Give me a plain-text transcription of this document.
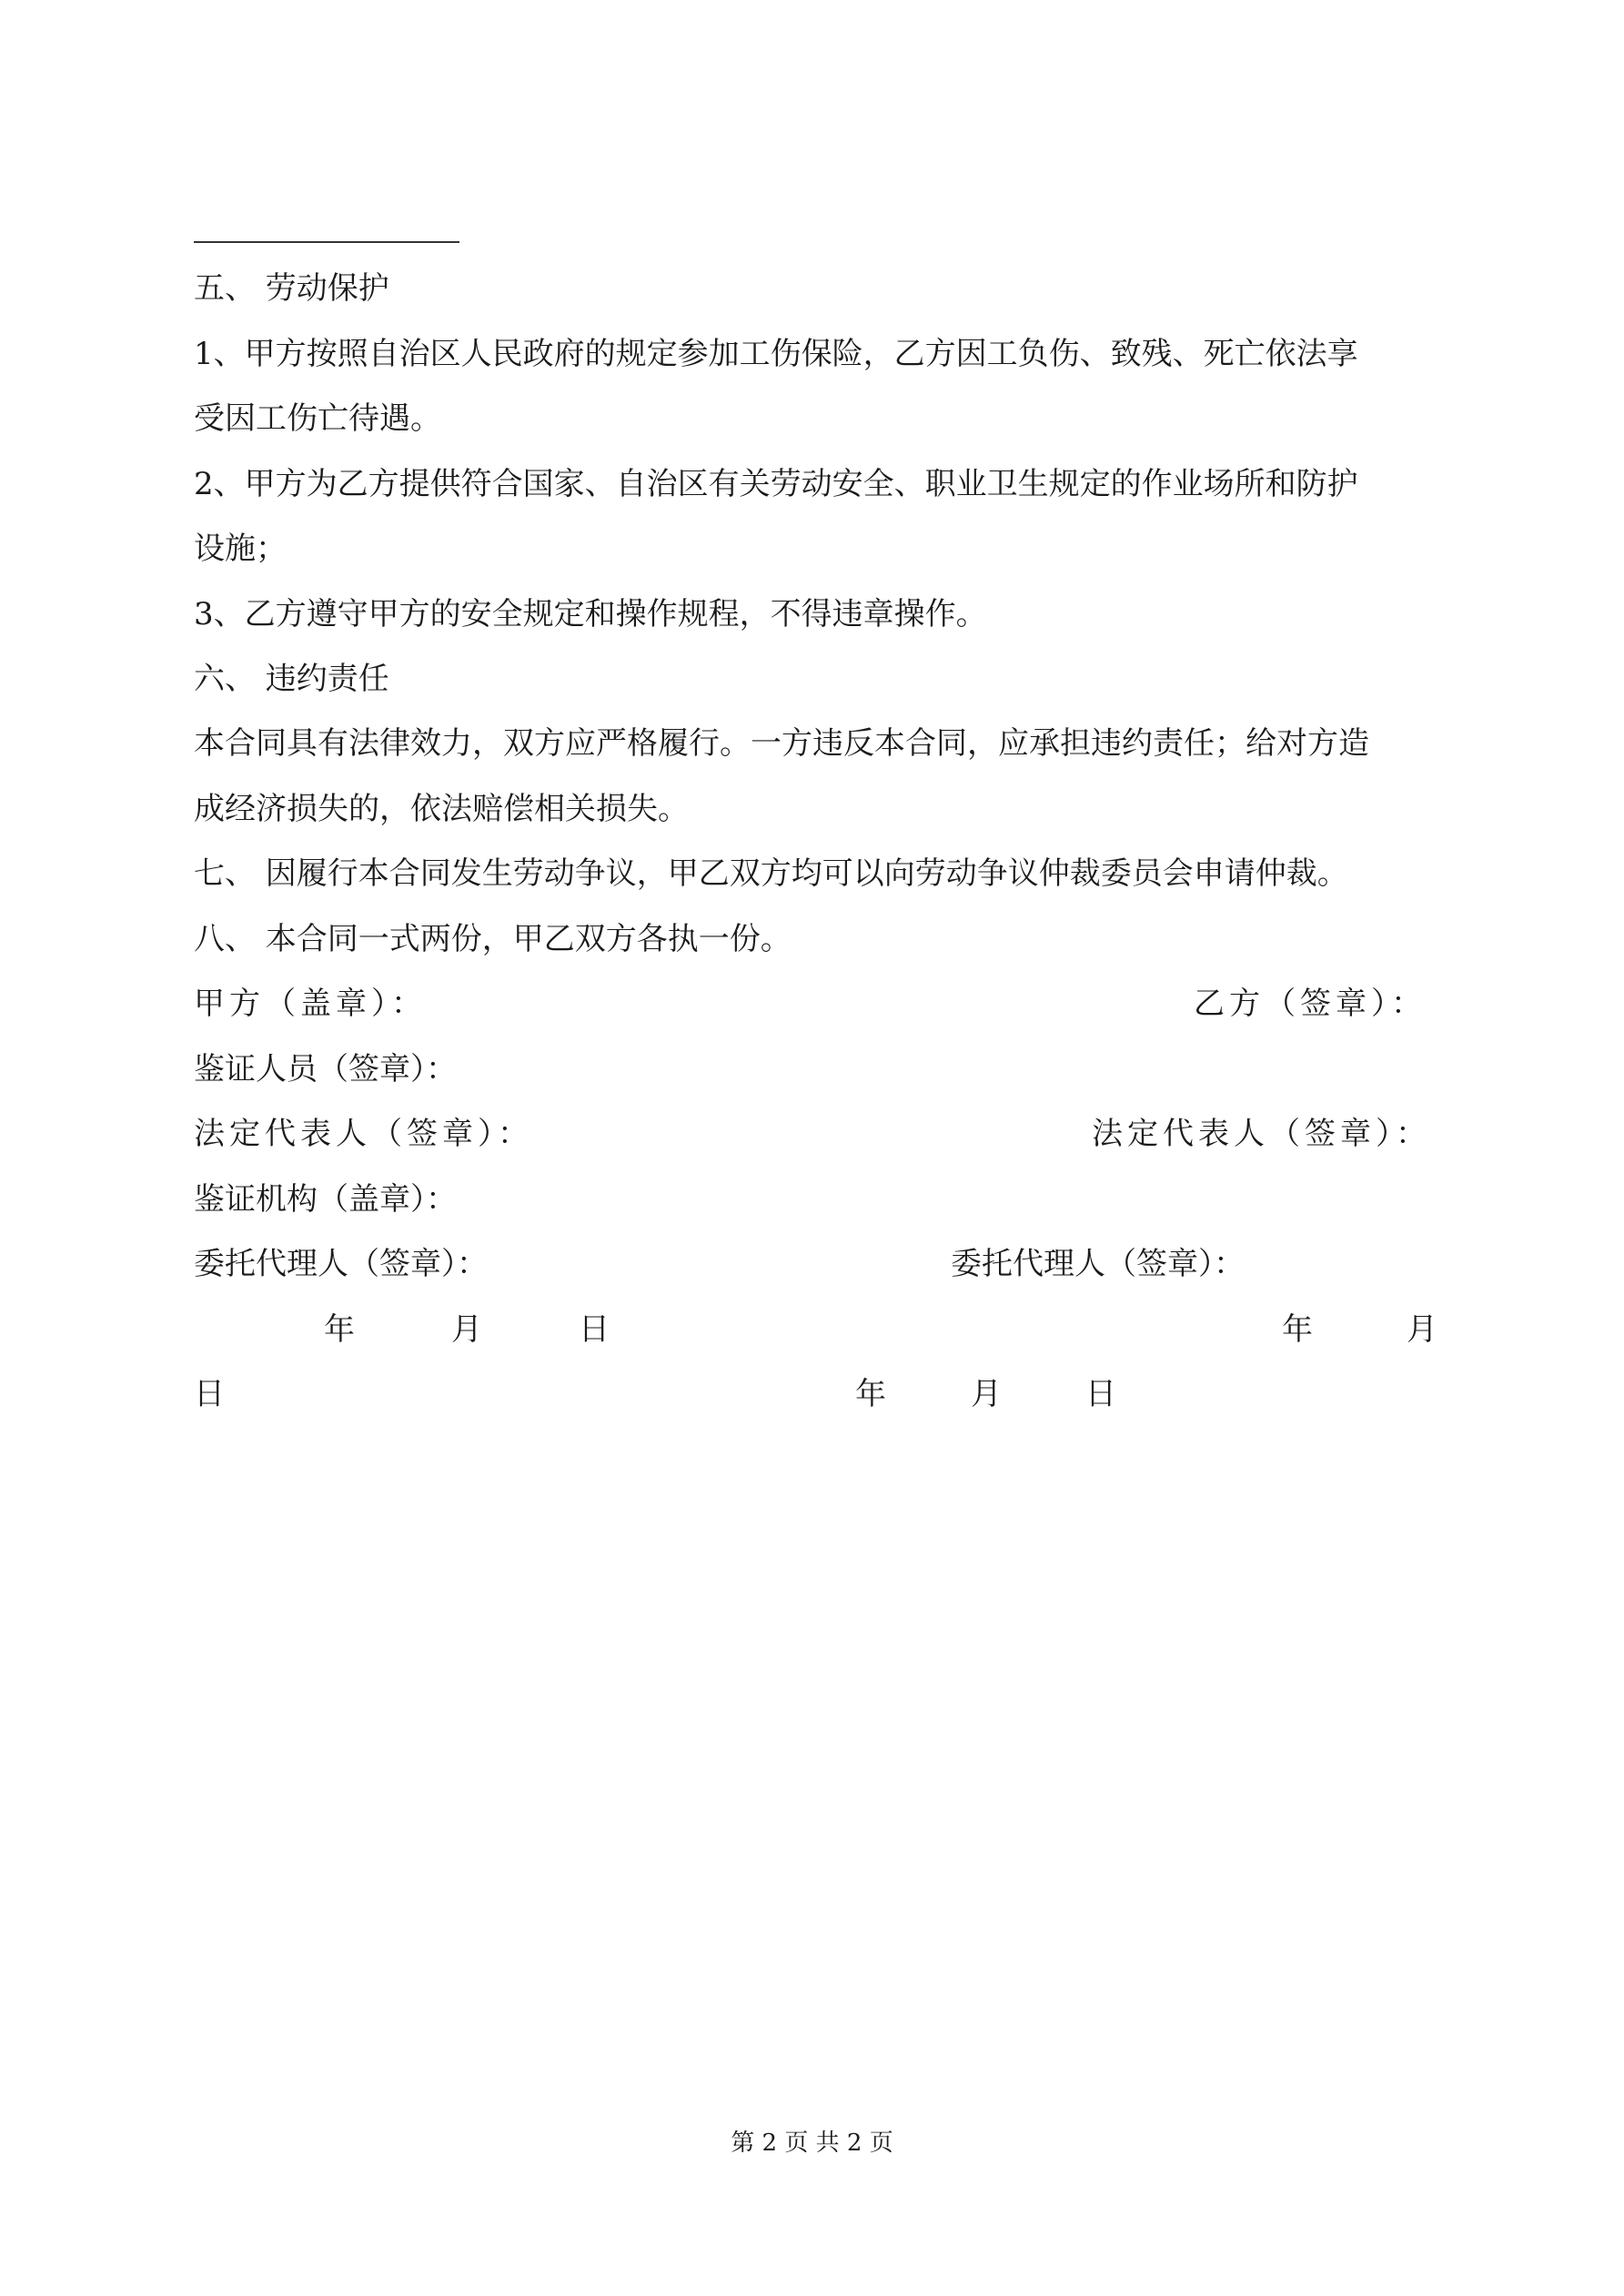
五、 劳动保护
1、甲方按照自治区人民政府的规定参加工伤保险，乙方因工负伤、致残、死亡依法享
受因工伤亡待遇。
2、甲方为乙方提供符合国家、自治区有关劳动安全、职业卫生规定的作业场所和防护
设施；
3、乙方遵守甲方的安全规定和操作规程，不得违章操作。
六、 违约责任
本合同具有法律效力，双方应严格履行。一方违反本合同，应承担违约责任；给对方造
成经济损失的，依法赔偿相关损失。
七、 因履行本合同发生劳动争议，甲乙双方均可以向劳动争议仲裁委员会申请仲裁。
八、 本合同一式两份，甲乙双方各执一份。
甲方（盖章）：	乙方（签章）：
鉴证人员（签章）：
法定代表人（签章）：	法定代表人（签章）：
鉴证机构（盖章）：
委托代理人（签章）：	委托代理人（签章）：
年	月	日	年	月
日	年	月	日
第 2 页 共 2 页
